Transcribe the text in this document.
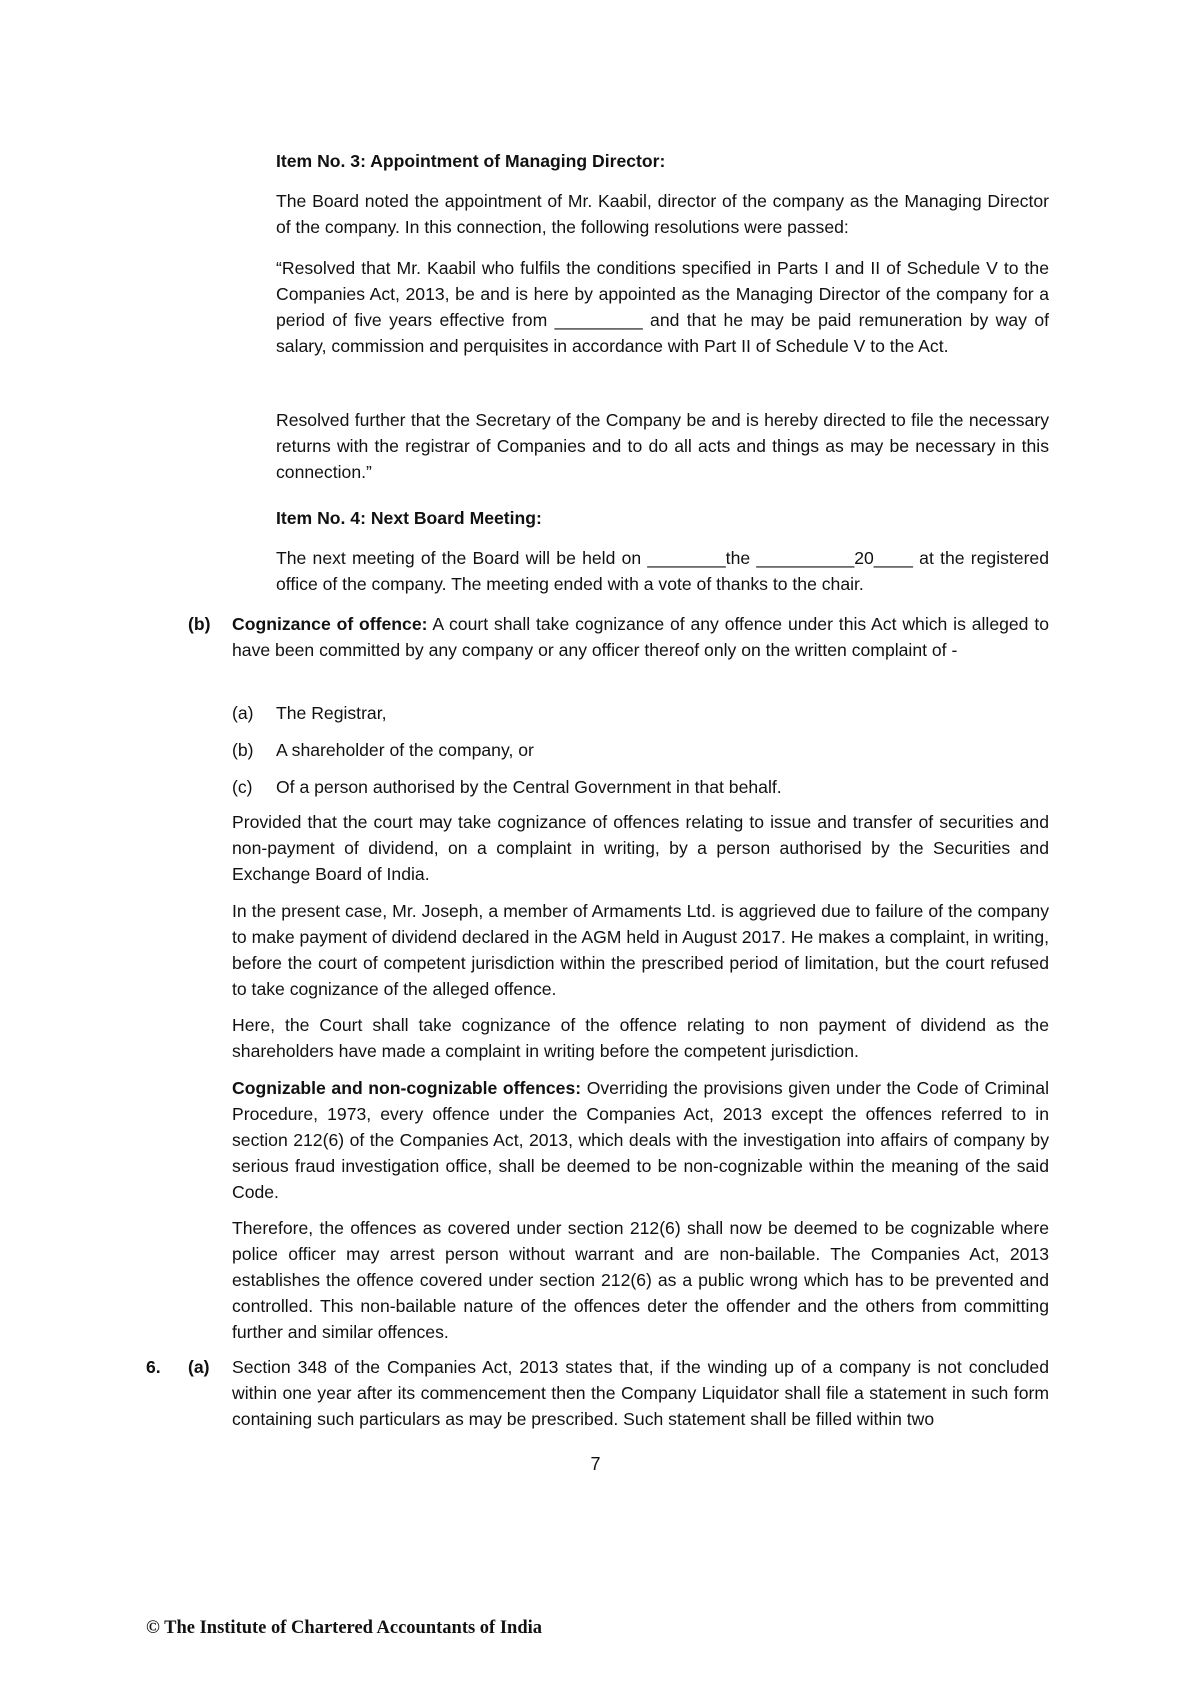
Item No. 3: Appointment of Managing Director:

The Board noted the appointment of Mr. Kaabil, director of the company as the Managing Director of the company. In this connection, the following resolutions were passed:

“Resolved that Mr. Kaabil who fulfils the conditions specified in Parts I and II of Schedule V to the Companies Act, 2013, be and is here by appointed as the Managing Director of the company for a period of five years effective from _________ and that he may be paid remuneration by way of salary, commission and perquisites in accordance with Part II of Schedule V to the Act.

Resolved further that the Secretary of the Company be and is hereby directed to file the necessary returns with the registrar of Companies and to do all acts and things as may be necessary in this connection.”

Item No. 4: Next Board Meeting:

The next meeting of the Board will be held on ________the __________20____ at the registered office of the company. The meeting ended with a vote of thanks to the chair.

(b) Cognizance of offence: A court shall take cognizance of any offence under this Act which is alleged to have been committed by any company or any officer thereof only on the written complaint of -

(a) The Registrar,
(b) A shareholder of the company, or
(c) Of a person authorised by the Central Government in that behalf.

Provided that the court may take cognizance of offences relating to issue and transfer of securities and non-payment of dividend, on a complaint in writing, by a person authorised by the Securities and Exchange Board of India.

In the present case, Mr. Joseph, a member of Armaments Ltd. is aggrieved due to failure of the company to make payment of dividend declared in the AGM held in August 2017. He makes a complaint, in writing, before the court of competent jurisdiction within the prescribed period of limitation, but the court refused to take cognizance of the alleged offence.

Here, the Court shall take cognizance of the offence relating to non payment of dividend as the shareholders have made a complaint in writing before the competent jurisdiction.

Cognizable and non-cognizable offences: Overriding the provisions given under the Code of Criminal Procedure, 1973, every offence under the Companies Act, 2013 except the offences referred to in section 212(6) of the Companies Act, 2013, which deals with the investigation into affairs of company by serious fraud investigation office, shall be deemed to be non-cognizable within the meaning of the said Code.

Therefore, the offences as covered under section 212(6) shall now be deemed to be cognizable where police officer may arrest person without warrant and are non-bailable. The Companies Act, 2013 establishes the offence covered under section 212(6) as a public wrong which has to be prevented and controlled. This non-bailable nature of the offences deter the offender and the others from committing further and similar offences.

6. (a) Section 348 of the Companies Act, 2013 states that, if the winding up of a company is not concluded within one year after its commencement then the Company Liquidator shall file a statement in such form containing such particulars as may be prescribed. Such statement shall be filled within two

7
© The Institute of Chartered Accountants of India
